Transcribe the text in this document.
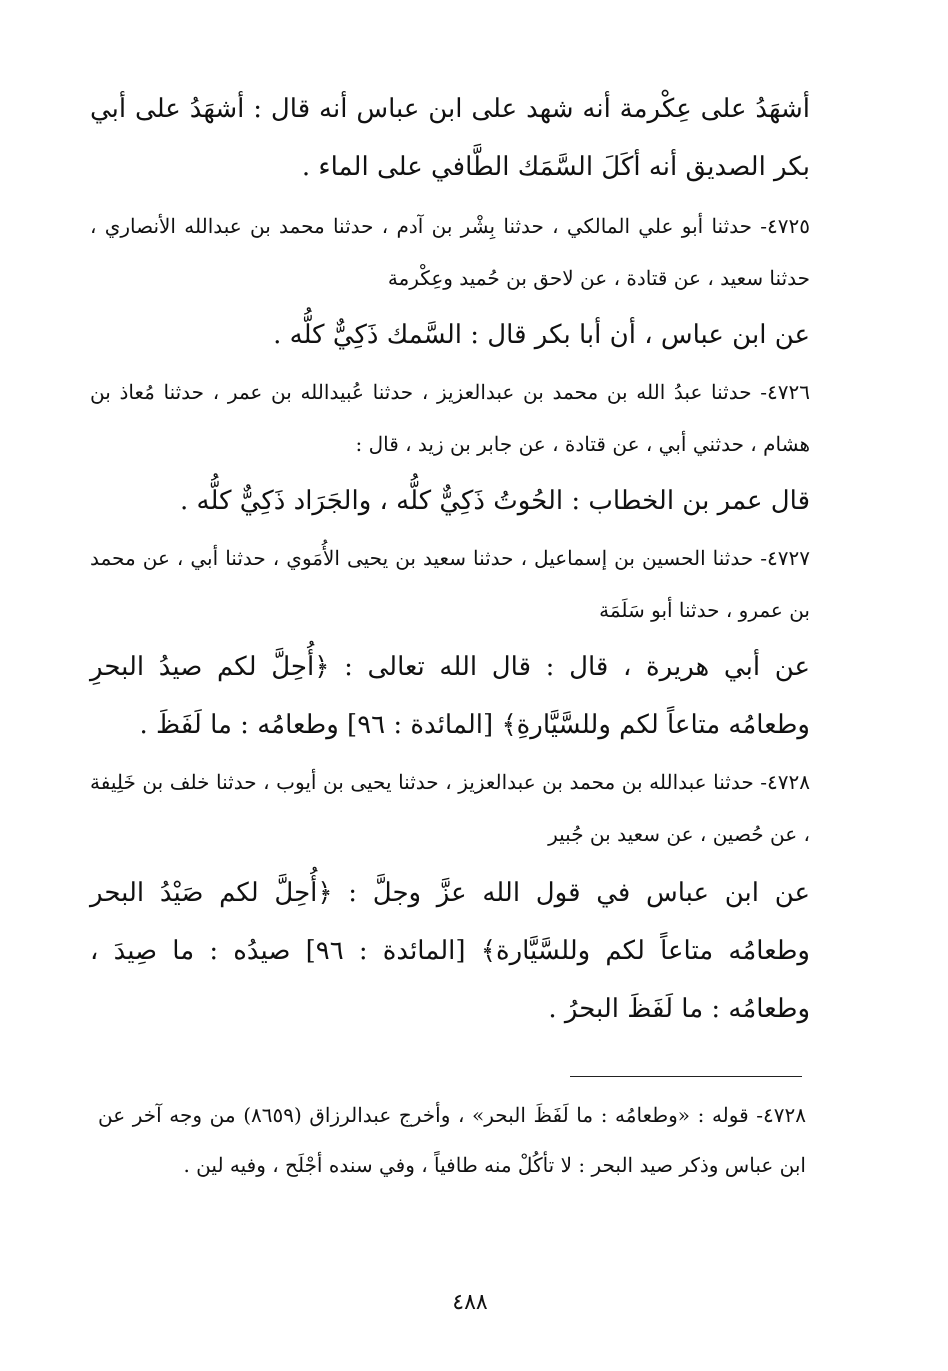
أشهَدُ على عِكْرمة أنه شهد على ابن عباس أنه قال : أشهَدُ على أبي بكر الصديق أنه أكَلَ السَّمَك الطَّافي على الماء .

٤٧٢٥- حدثنا أبو علي المالكي ، حدثنا بِشْر بن آدم ، حدثنا محمد بن عبدالله الأنصاري ، حدثنا سعيد ، عن قتادة ، عن لاحق بن حُميد وعِكْرمة

عن ابن عباس ، أن أبا بكر قال : السَّمك ذَكِيٌّ كلُّه .

٤٧٢٦- حدثنا عبدُ الله بن محمد بن عبدالعزيز ، حدثنا عُبيدالله بن عمر ، حدثنا مُعاذ بن هشام ، حدثني أبي ، عن قتادة ، عن جابر بن زيد ، قال :

قال عمر بن الخطاب : الحُوتُ ذَكِيٌّ كلُّه ، والجَرَاد ذَكِيٌّ كلُّه .

٤٧٢٧- حدثنا الحسين بن إسماعيل ، حدثنا سعيد بن يحيى الأُمَوي ، حدثنا أبي ، عن محمد بن عمرو ، حدثنا أبو سَلَمَة

عن أبي هريرة ، قال : قال الله تعالى : ﴿أُحِلَّ لكم صيدُ البحرِ وطعامُه متاعاً لكم وللسَّيَّارةِ﴾ [المائدة : ٩٦] وطعامُه : ما لَفَظَ .

٤٧٢٨- حدثنا عبدالله بن محمد بن عبدالعزيز ، حدثنا يحيى بن أيوب ، حدثنا خلف بن خَلِيفة ، عن حُصين ، عن سعيد بن جُبير

عن ابن عباس في قول الله عزَّ وجلَّ : ﴿أُحِلَّ لكم صَيْدُ البحر وطعامُه متاعاً لكم وللسَّيَّارة﴾ [المائدة : ٩٦] صيدُه : ما صِيدَ ، وطعامُه : ما لَفَظَ البحرُ .

٤٧٢٨- قوله : «وطعامُه : ما لَفَظَ البحر» ، وأخرج عبدالرزاق (٨٦٥٩) من وجه آخر عن ابن عباس وذكر صيد البحر : لا تأكُلْ منه طافياً ، وفي سنده أجْلَح ، وفيه لين .

٤٨٨
